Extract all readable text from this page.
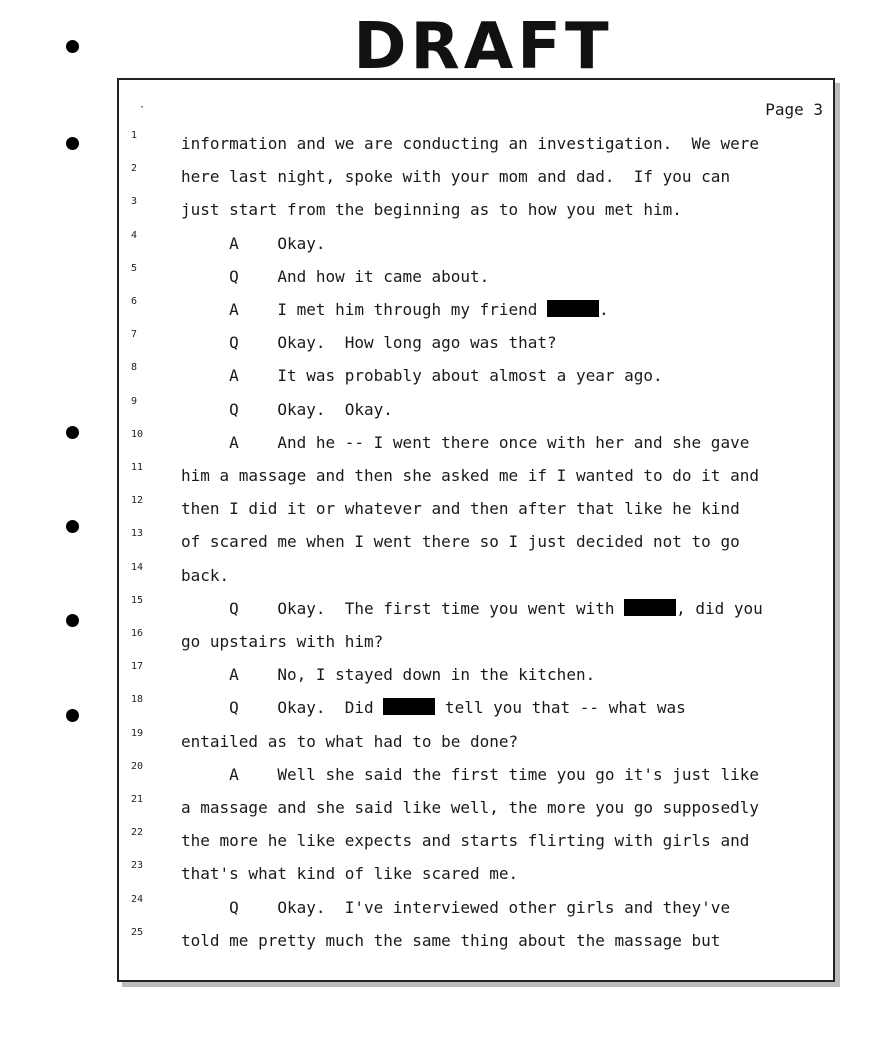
DRAFT
·	Page 3
1	information and we are conducting an investigation.  We were
2	here last night, spoke with your mom and dad.  If you can
3	just start from the beginning as to how you met him.
4	A    Okay.
5	Q    And how it came about.
6	A    I met him through my friend	.
7	Q    Okay.  How long ago was that?
8	A    It was probably about almost a year ago.
9	Q    Okay.  Okay.
10 A    And he -- I went there once with her and she gave
11 him a massage and then she asked me if I wanted to do it and
12 then I did it or whatever and then after that like he kind
13 of scared me when I went there so I just decided not to go
14 back.
15 Q    Okay.  The first time you went with	, did you
16 go upstairs with him?
17 A    No, I stayed down in the kitchen.
18 Q    Okay.  Did	tell you that -- what was
19 entailed as to what had to be done?
20 A    Well she said the first time you go it's just like
21 a massage and she said like well, the more you go supposedly
22 the more he like expects and starts flirting with girls and
23 that's what kind of like scared me.
24 Q    Okay.  I've interviewed other girls and they've
25 told me pretty much the same thing about the massage but
